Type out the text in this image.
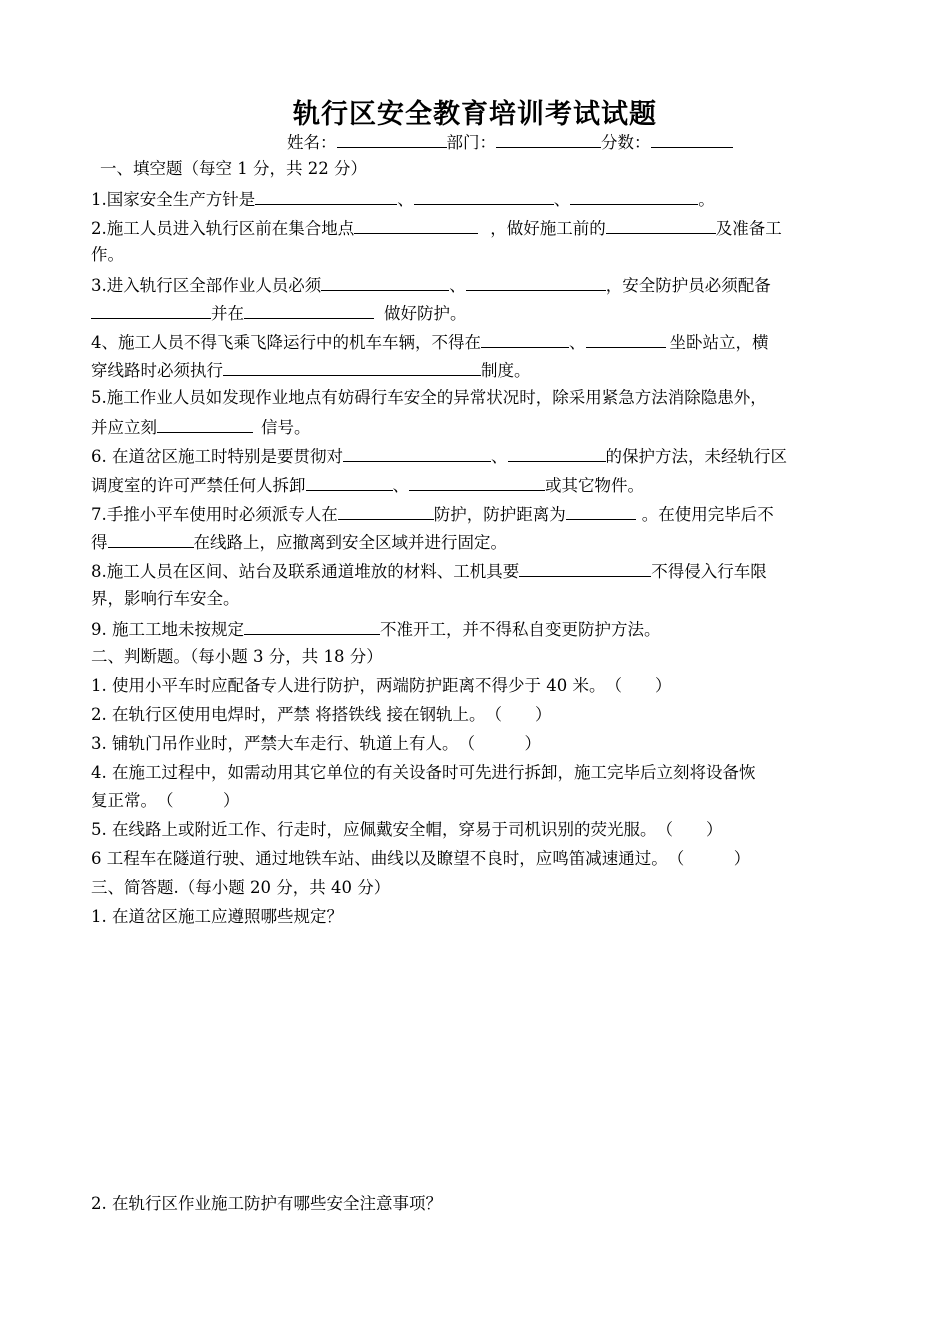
轨行区安全教育培训考试试题
姓名：	部门：	分数：
一、填空题（每空 1 分，共 22 分）
1.国家安全生产方针是	、	、	。
2.施工人员进入轨行区前在集合地点	，做好施工前的	及准备工
作。
3.进入轨行区全部作业人员必须	、	，安全防护员必须配备
并在	做好防护。
4、施工人员不得飞乘飞降运行中的机车车辆，不得在	、	坐卧站立，横
穿线路时必须执行	制度。
5.施工作业人员如发现作业地点有妨碍行车安全的异常状况时，除采用紧急方法消除隐患外，
并应立刻	信号。
6. 在道岔区施工时特别是要贯彻对	、	的保护方法，未经轨行区
调度室的许可严禁任何人拆卸	、	或其它物件。
7.手推小平车使用时必须派专人在	防护，防护距离为	。在使用完毕后不
得	在线路上，应撤离到安全区域并进行固定。
8.施工人员在区间、站台及联系通道堆放的材料、工机具要	不得侵入行车限
界，影响行车安全。
9. 施工工地未按规定	不准开工，并不得私自变更防护方法。
二、判断题。（每小题 3 分，共 18 分）
1. 使用小平车时应配备专人进行防护，两端防护距离不得少于 40 米。（　　）
2. 在轨行区使用电焊时，严禁 将搭铁线 接在钢轨上。（　　）
3. 铺轨门吊作业时，严禁大车走行、轨道上有人。（　　　）
4. 在施工过程中，如需动用其它单位的有关设备时可先进行拆卸，施工完毕后立刻将设备恢
复正常。（　　　）
5. 在线路上或附近工作、行走时，应佩戴安全帽，穿易于司机识别的荧光服。（　　）
6 工程车在隧道行驶、通过地铁车站、曲线以及瞭望不良时，应鸣笛减速通过。（　　　）
三、简答题.（每小题 20 分，共 40 分）
1. 在道岔区施工应遵照哪些规定？
2. 在轨行区作业施工防护有哪些安全注意事项？
